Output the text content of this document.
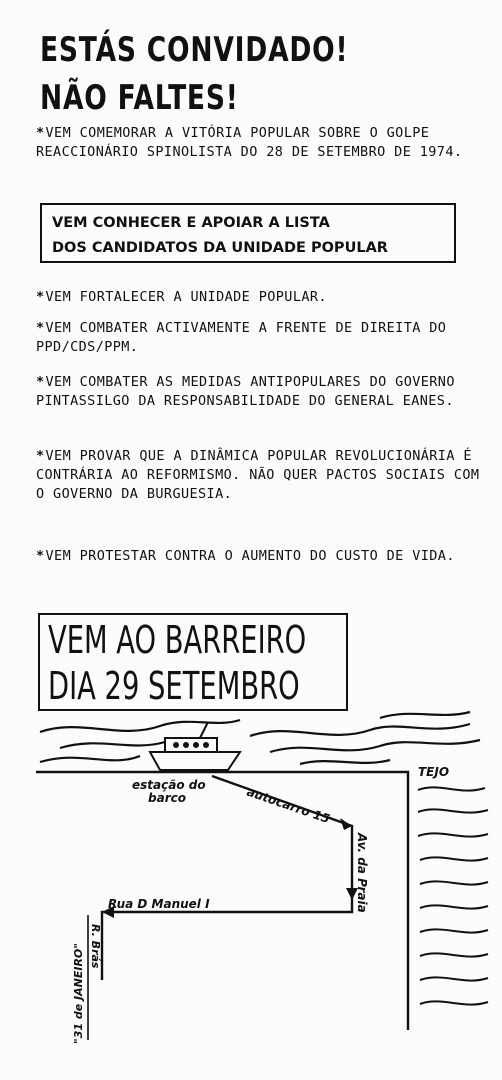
ESTÁS CONVIDADO!
NÃO FALTES!

*VEM COMEMORAR A VITÓRIA POPULAR SOBRE O GOLPE REACCIONÁRIO SPINOLISTA DO 28 DE SETEMBRO DE 1974.

VEM CONHECER E APOIAR A LISTA
DOS CANDIDATOS DA UNIDADE POPULAR

*VEM FORTALECER A UNIDADE POPULAR.

*VEM COMBATER ACTIVAMENTE A FRENTE DE DIREITA DO PPD/CDS/PPM.

*VEM COMBATER AS MEDIDAS ANTIPOPULARES DO GOVERNO PINTASSILGO DA RESPONSABILIDADE DO GENERAL EANES.

*VEM PROVAR QUE A DINÂMICA POPULAR REVOLUCIONÁRIA É CONTRÁRIA AO REFORMISMO. NÃO QUER PACTOS SOCIAIS COM O GOVERNO DA BURGUESIA.

*VEM PROTESTAR CONTRA O AUMENTO DO CUSTO DE VIDA.

VEM AO BARREIRO
DIA 29 SETEMBRO
TEJO
estação do
barco	autocarro 15
Av. da Praia
Rua D Manuel I
R. Brás
"31 de JANEIRO"
